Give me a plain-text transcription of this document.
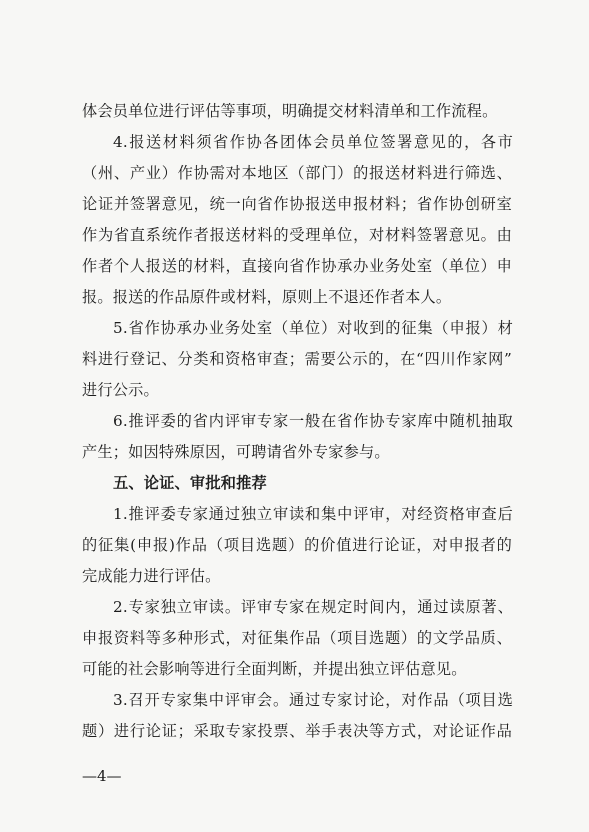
体会员单位进行评估等事项，明确提交材料清单和工作流程。
4.报送材料须省作协各团体会员单位签署意见的，各市
（州、产业）作协需对本地区（部门）的报送材料进行筛选、
论证并签署意见，统一向省作协报送申报材料；省作协创研室
作为省直系统作者报送材料的受理单位，对材料签署意见。由
作者个人报送的材料，直接向省作协承办业务处室（单位）申
报。报送的作品原件或材料，原则上不退还作者本人。
5.省作协承办业务处室（单位）对收到的征集（申报）材
料进行登记、分类和资格审查；需要公示的，在“四川作家网”
进行公示。
6.推评委的省内评审专家一般在省作协专家库中随机抽取
产生；如因特殊原因，可聘请省外专家参与。
五、论证、审批和推荐
1.推评委专家通过独立审读和集中评审，对经资格审查后
的征集(申报)作品（项目选题）的价值进行论证，对申报者的
完成能力进行评估。
2.专家独立审读。评审专家在规定时间内，通过读原著、
申报资料等多种形式，对征集作品（项目选题）的文学品质、
可能的社会影响等进行全面判断，并提出独立评估意见。
3.召开专家集中评审会。通过专家讨论，对作品（项目选
题）进行论证；采取专家投票、举手表决等方式，对论证作品
—4—
